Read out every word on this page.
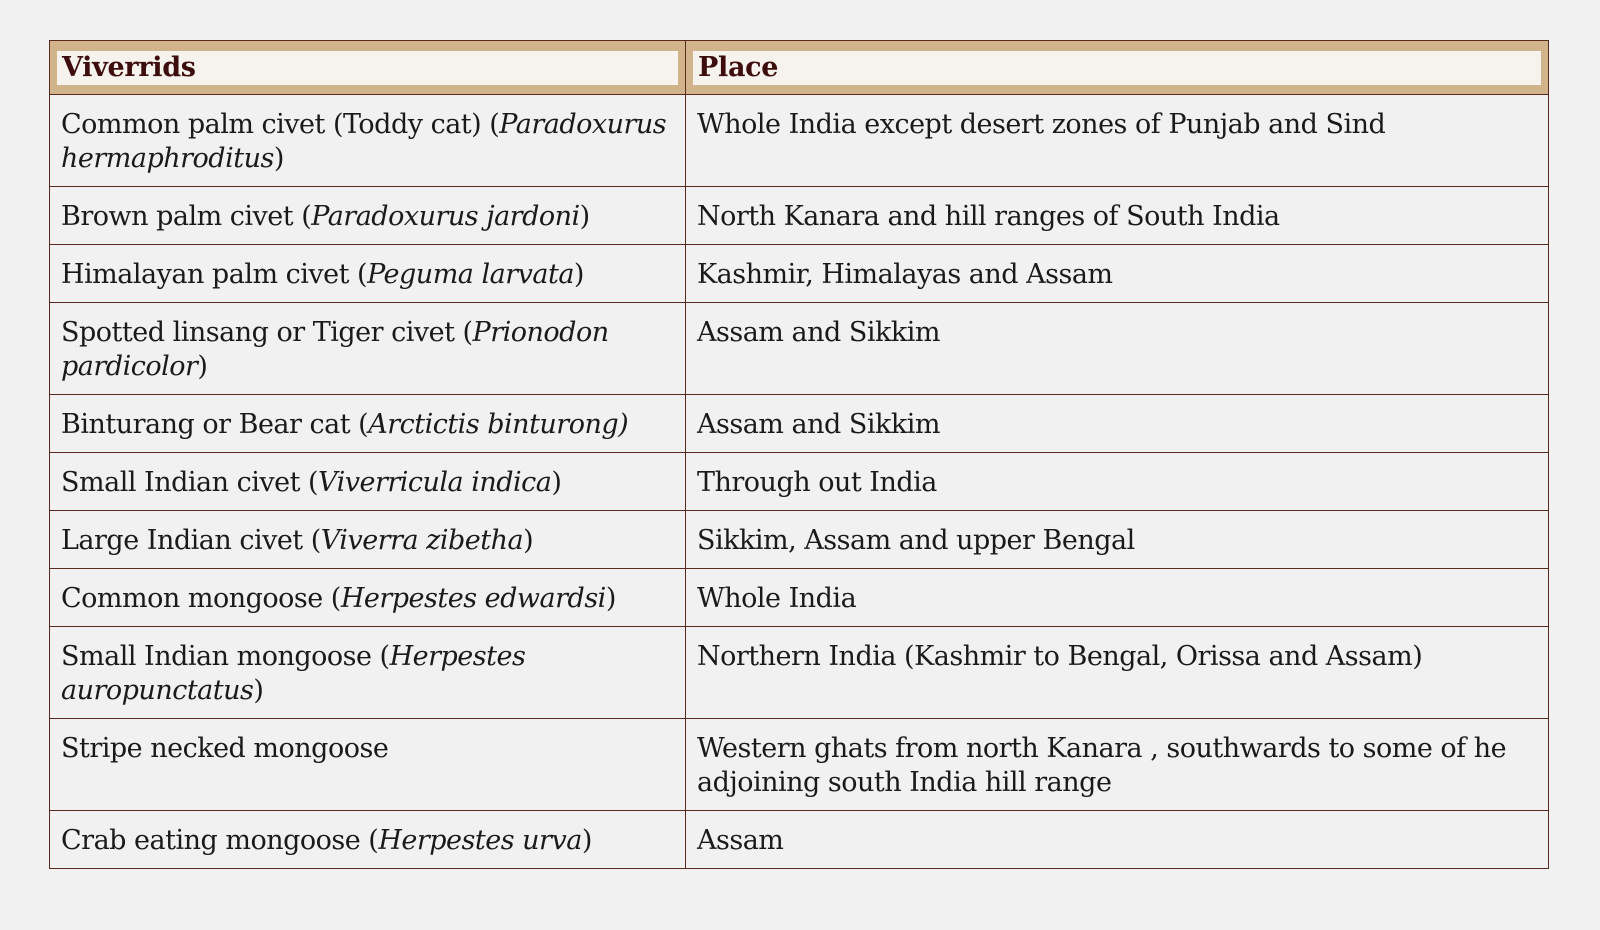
Viverrids	Place

Common palm civet (Toddy cat) (Paradoxurus hermaphroditus)	Whole India except desert zones of Punjab and Sind
Brown palm civet (Paradoxurus jardoni)	North Kanara and hill ranges of South India
Himalayan palm civet (Peguma larvata)	Kashmir, Himalayas and Assam
Spotted linsang or Tiger civet (Prionodon pardicolor)	Assam and Sikkim
Binturang or Bear cat (Arctictis binturong)	Assam and Sikkim
Small Indian civet (Viverricula indica)	Through out India
Large Indian civet (Viverra zibetha)	Sikkim, Assam and upper Bengal
Common mongoose (Herpestes edwardsi)	Whole India
Small Indian mongoose (Herpestes auropunctatus)	Northern India (Kashmir to Bengal, Orissa and Assam)
Stripe necked mongoose	Western ghats from north Kanara , southwards to some of he adjoining south India hill range
Crab eating mongoose (Herpestes urva)	Assam
